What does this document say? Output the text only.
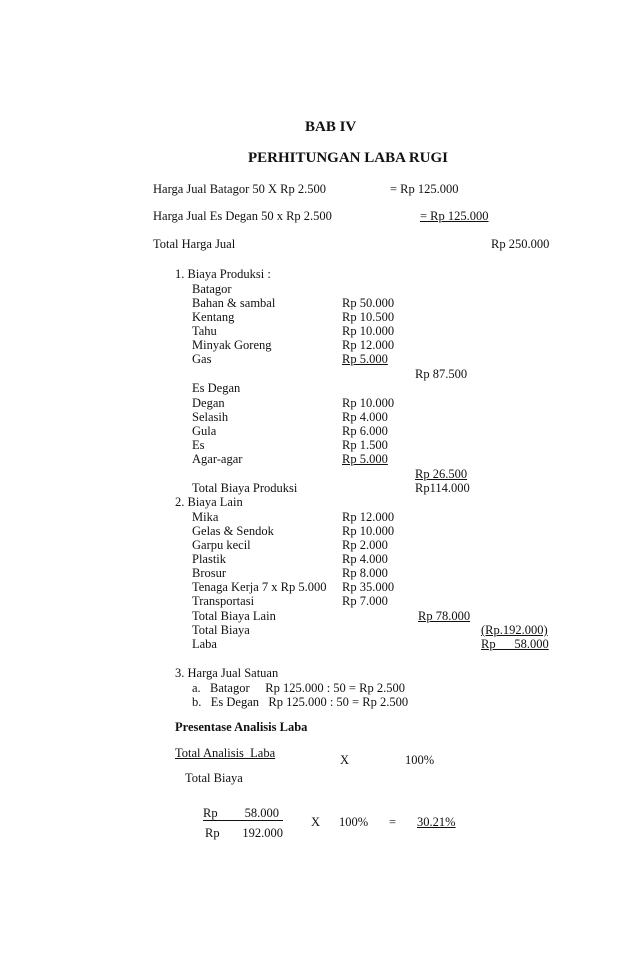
BAB IV
PERHITUNGAN LABA RUGI
Harga Jual Batagor 50 X Rp 2.500	= Rp 125.000
Harga Jual Es Degan 50 x Rp 2.500	= Rp 125.000
Total Harga Jual	Rp 250.000
1. Biaya Produksi :
Batagor
Bahan & sambal	Rp 50.000
Kentang	Rp 10.500
Tahu	Rp 10.000
Minyak Goreng	Rp 12.000
Gas	Rp 5.000
Rp 87.500
Es Degan
Degan	Rp 10.000
Selasih	Rp 4.000
Gula	Rp 6.000
Es	Rp 1.500
Agar-agar	Rp 5.000
Rp 26.500
Total Biaya Produksi	Rp114.000
2. Biaya Lain
Mika	Rp 12.000
Gelas & Sendok	Rp 10.000
Garpu kecil	Rp 2.000
Plastik	Rp 4.000
Brosur	Rp 8.000
Tenaga Kerja 7 x Rp 5.000 Rp 35.000
Transportasi	Rp 7.000
Total Biaya Lain	Rp 78.000
Total Biaya	(Rp.192.000)
Laba	Rp      58.000
3. Harga Jual Satuan
a.   Batagor     Rp 125.000 : 50 = Rp 2.500
b.   Es Degan   Rp 125.000 : 50 = Rp 2.500
Presentase Analisis Laba
Total Analisis  Laba	X	100%
Total Biaya
Rp 58.000
Rp 192.000
X 100% = 30.21%
